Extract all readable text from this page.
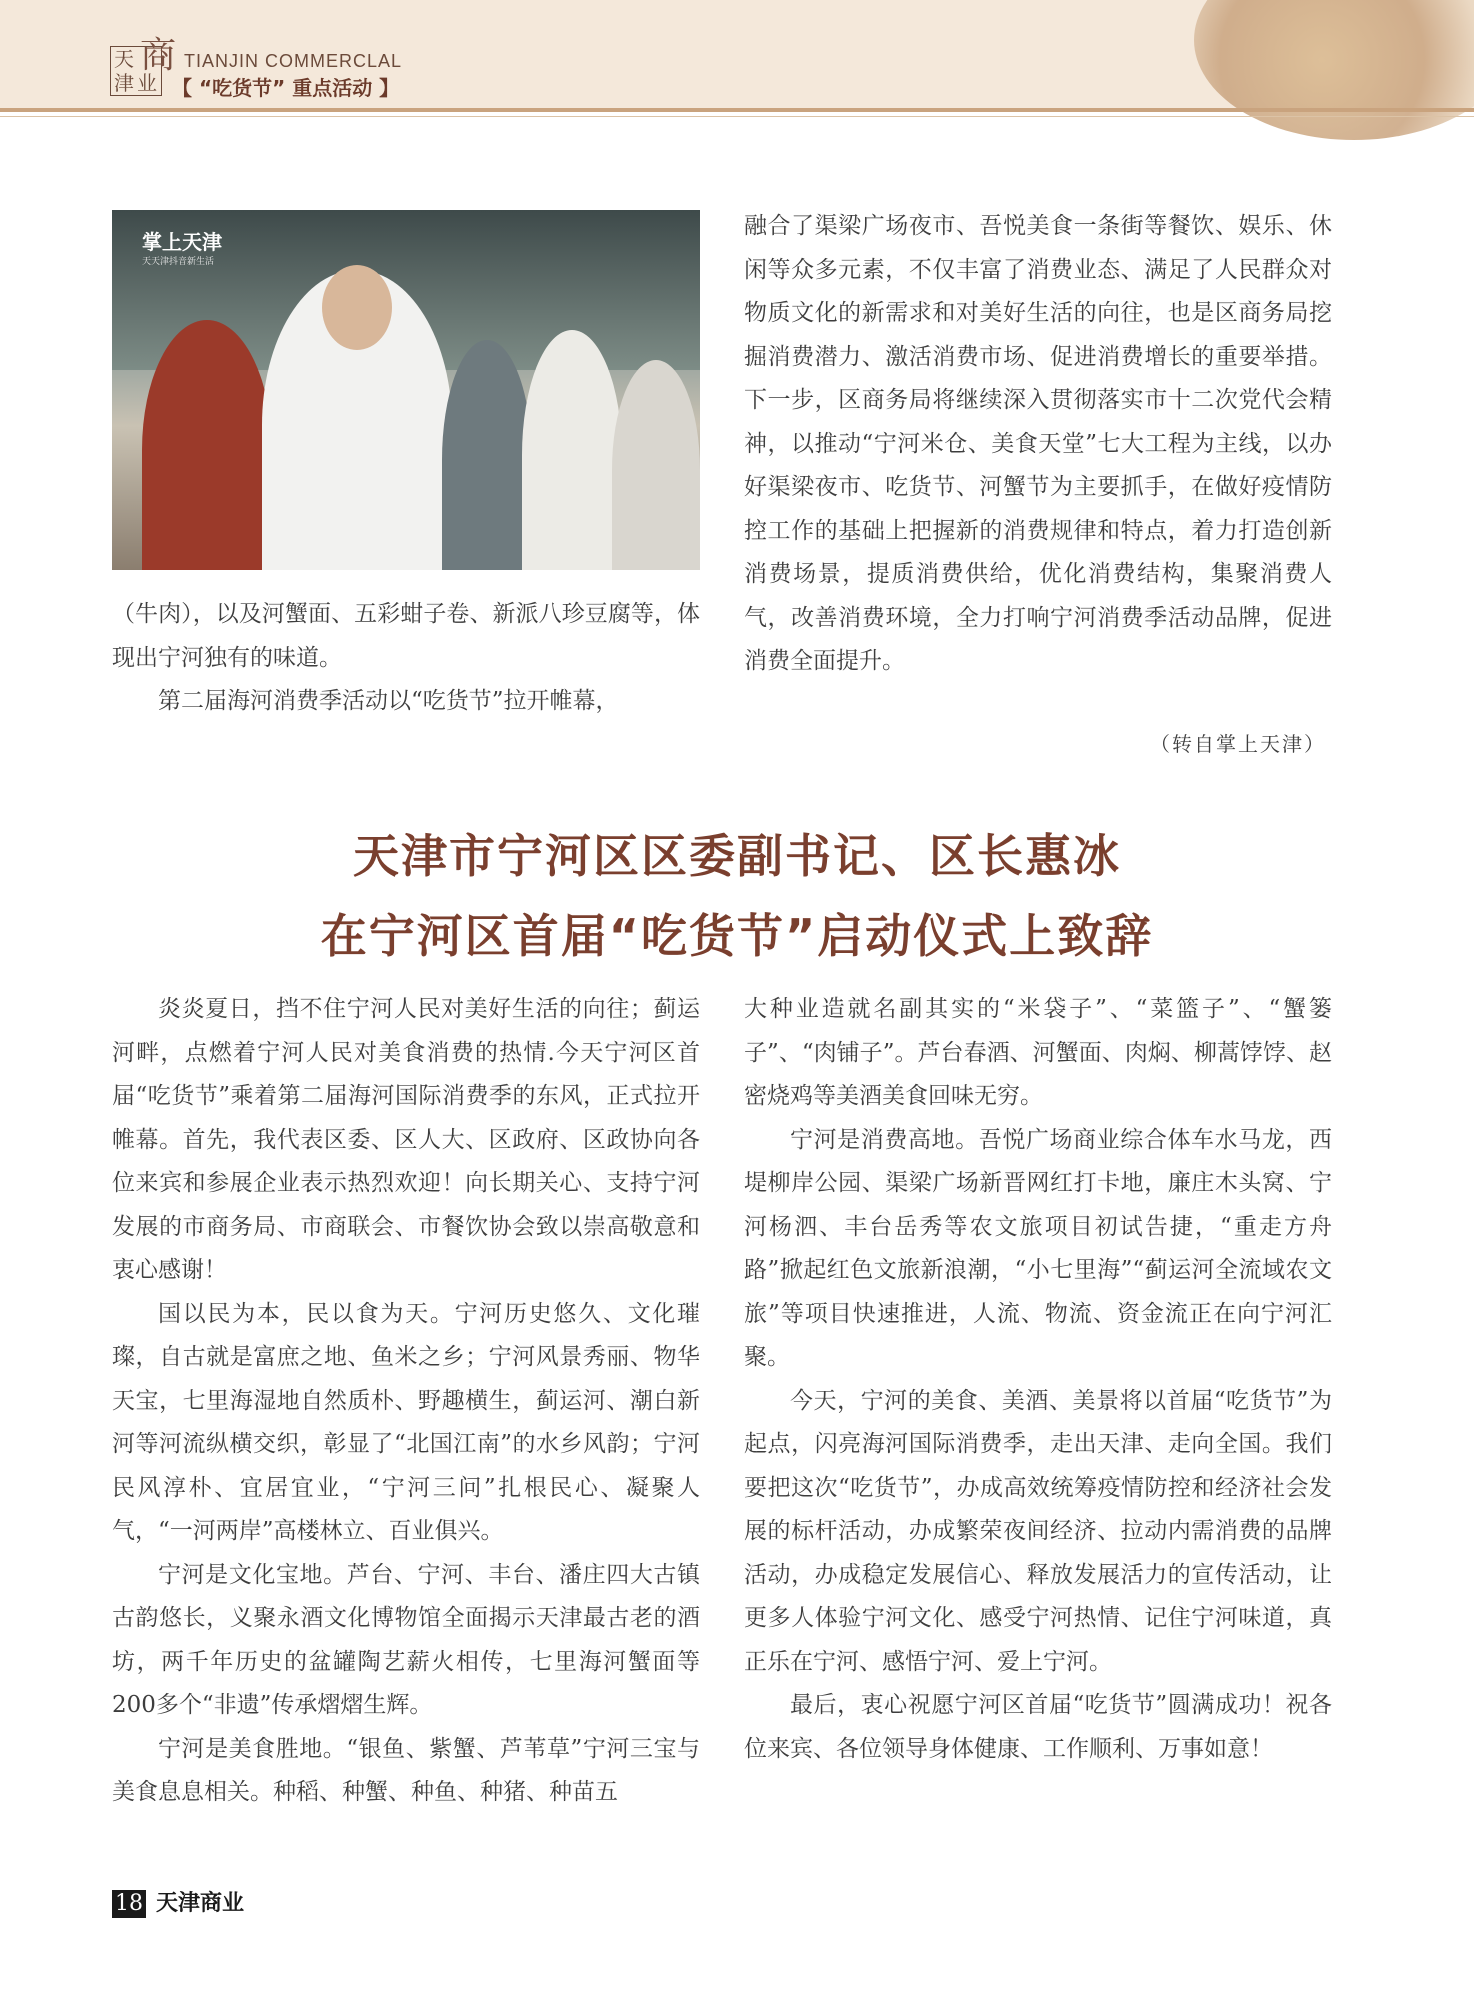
天
津 业
商 TIANJIN COMMERCLAL
【 “吃货节” 重点活动 】
掌上天津
天天津抖音新生活

（牛肉），以及河蟹面、五彩蚶子卷、新派八珍豆腐等，体现出宁河独有的味道。

第二届海河消费季活动以“吃货节”拉开帷幕，

融合了渠梁广场夜市、吾悦美食一条街等餐饮、娱乐、休闲等众多元素，不仅丰富了消费业态、满足了人民群众对物质文化的新需求和对美好生活的向往，也是区商务局挖掘消费潜力、激活消费市场、促进消费增长的重要举措。下一步，区商务局将继续深入贯彻落实市十二次党代会精神，以推动“宁河米仓、美食天堂”七大工程为主线，以办好渠梁夜市、吃货节、河蟹节为主要抓手，在做好疫情防控工作的基础上把握新的消费规律和特点，着力打造创新消费场景，提质消费供给，优化消费结构，集聚消费人气，改善消费环境，全力打响宁河消费季活动品牌，促进消费全面提升。

（转自掌上天津）
天津市宁河区区委副书记、区长惠冰
在宁河区首届“吃货节”启动仪式上致辞

炎炎夏日，挡不住宁河人民对美好生活的向往；蓟运河畔，点燃着宁河人民对美食消费的热情.今天宁河区首届“吃货节”乘着第二届海河国际消费季的东风，正式拉开帷幕。首先，我代表区委、区人大、区政府、区政协向各位来宾和参展企业表示热烈欢迎！向长期关心、支持宁河发展的市商务局、市商联会、市餐饮协会致以崇高敬意和衷心感谢！

国以民为本，民以食为天。宁河历史悠久、文化璀璨，自古就是富庶之地、鱼米之乡；宁河风景秀丽、物华天宝，七里海湿地自然质朴、野趣横生，蓟运河、潮白新河等河流纵横交织，彰显了“北国江南”的水乡风韵；宁河民风淳朴、宜居宜业，“宁河三问”扎根民心、凝聚人气，“一河两岸”高楼林立、百业俱兴。

宁河是文化宝地。芦台、宁河、丰台、潘庄四大古镇古韵悠长，义聚永酒文化博物馆全面揭示天津最古老的酒坊，两千年历史的盆罐陶艺薪火相传，七里海河蟹面等200多个“非遗”传承熠熠生辉。

宁河是美食胜地。“银鱼、紫蟹、芦苇草”宁河三宝与美食息息相关。种稻、种蟹、种鱼、种猪、种苗五

大种业造就名副其实的“米袋子”、“菜篮子”、“蟹篓子”、“肉铺子”。芦台春酒、河蟹面、肉焖、柳蒿饽饽、赵密烧鸡等美酒美食回味无穷。

宁河是消费高地。吾悦广场商业综合体车水马龙，西堤柳岸公园、渠梁广场新晋网红打卡地，廉庄木头窝、宁河杨泗、丰台岳秀等农文旅项目初试告捷，“重走方舟路”掀起红色文旅新浪潮，“小七里海”“蓟运河全流域农文旅”等项目快速推进，人流、物流、资金流正在向宁河汇聚。

今天，宁河的美食、美酒、美景将以首届“吃货节”为起点，闪亮海河国际消费季，走出天津、走向全国。我们要把这次“吃货节”，办成高效统筹疫情防控和经济社会发展的标杆活动，办成繁荣夜间经济、拉动内需消费的品牌活动，办成稳定发展信心、释放发展活力的宣传活动，让更多人体验宁河文化、感受宁河热情、记住宁河味道，真正乐在宁河、感悟宁河、爱上宁河。

最后，衷心祝愿宁河区首届“吃货节”圆满成功！祝各位来宾、各位领导身体健康、工作顺利、万事如意！

18 天津商业
